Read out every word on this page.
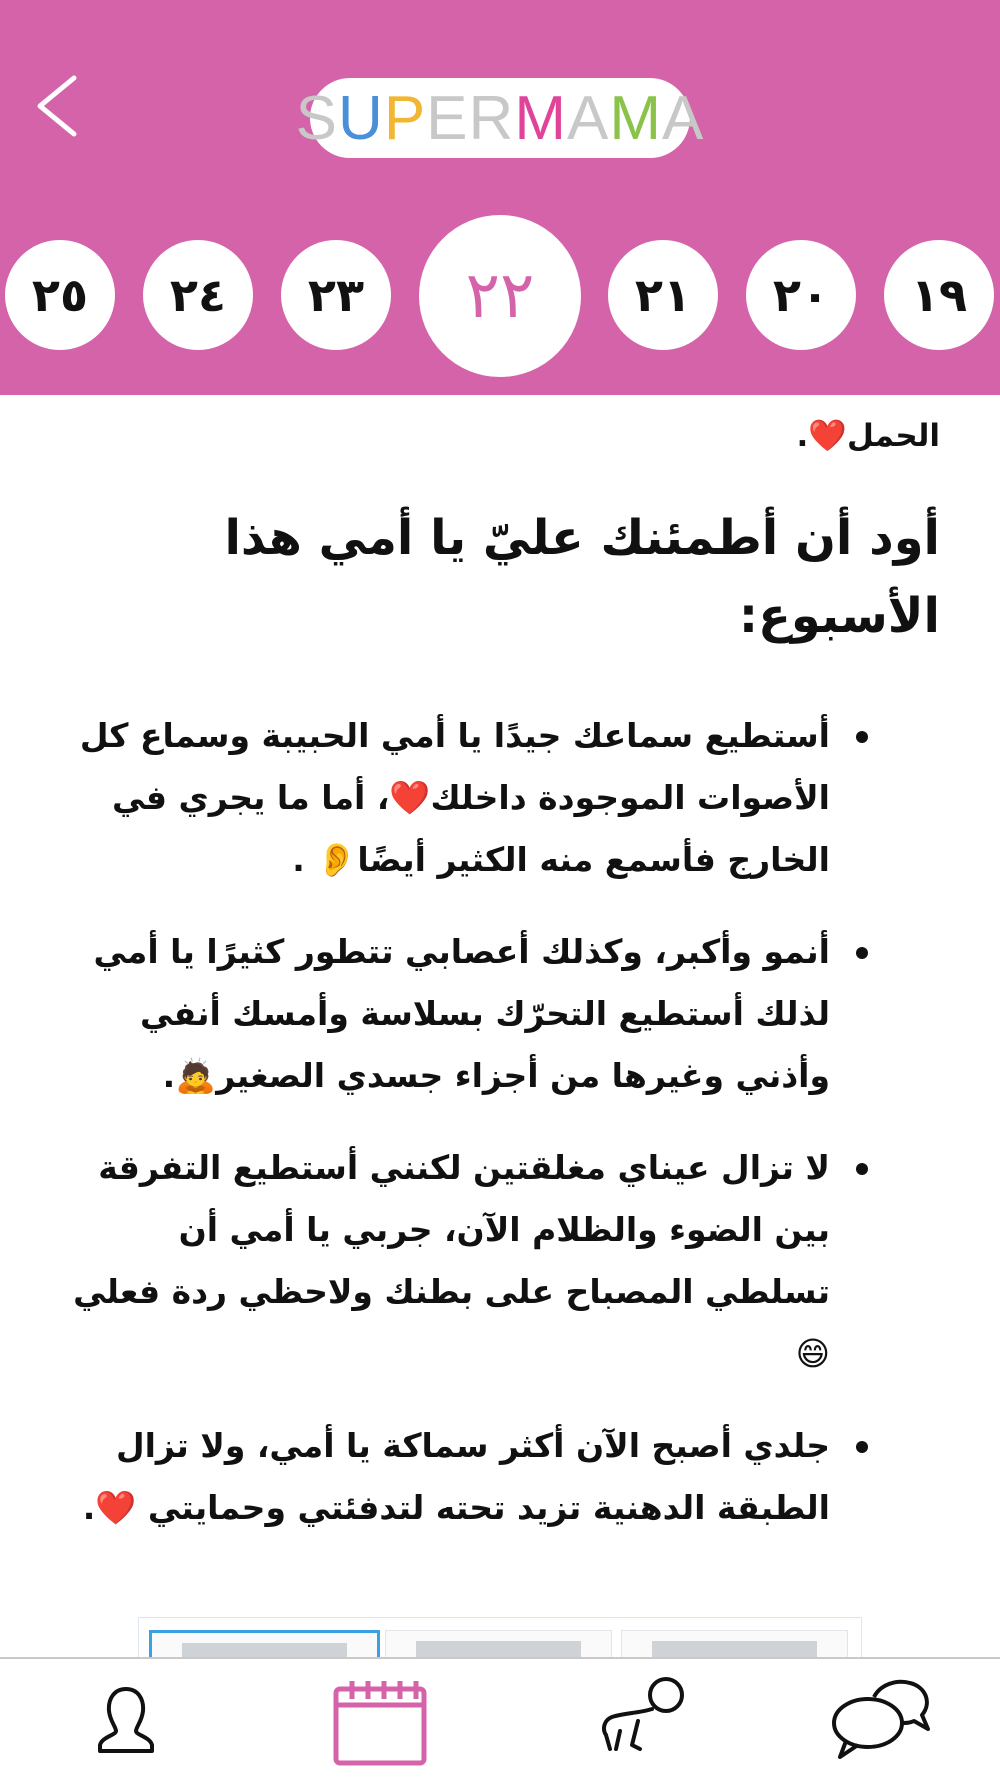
S U P E R M A M A
٢٥	٢٤	٢٣	٢٢	٢١	٢٠	١٩

الحمل❤️.

أود أن أطمئنك عليّ يا أمي هذا الأسبوع:
أستطيع سماعك جيدًا يا أمي الحبيبة وسماع كل الأصوات الموجودة داخلك❤️، أما ما يجري في الخارج فأسمع منه الكثير أيضًا👂 .
أنمو وأكبر، وكذلك أعصابي تتطور كثيرًا يا أمي لذلك أستطيع التحرّك بسلاسة وأمسك أنفي وأذني وغيرها من أجزاء جسدي الصغير🙇.
لا تزال عيناي مغلقتين لكنني أستطيع التفرقة بين الضوء والظلام الآن، جربي يا أمي أن تسلطي المصباح على بطنك ولاحظي ردة فعلي😄
جلدي أصبح الآن أكثر سماكة يا أمي، ولا تزال الطبقة الدهنية تزيد تحته لتدفئتي وحمايتي ❤️.
